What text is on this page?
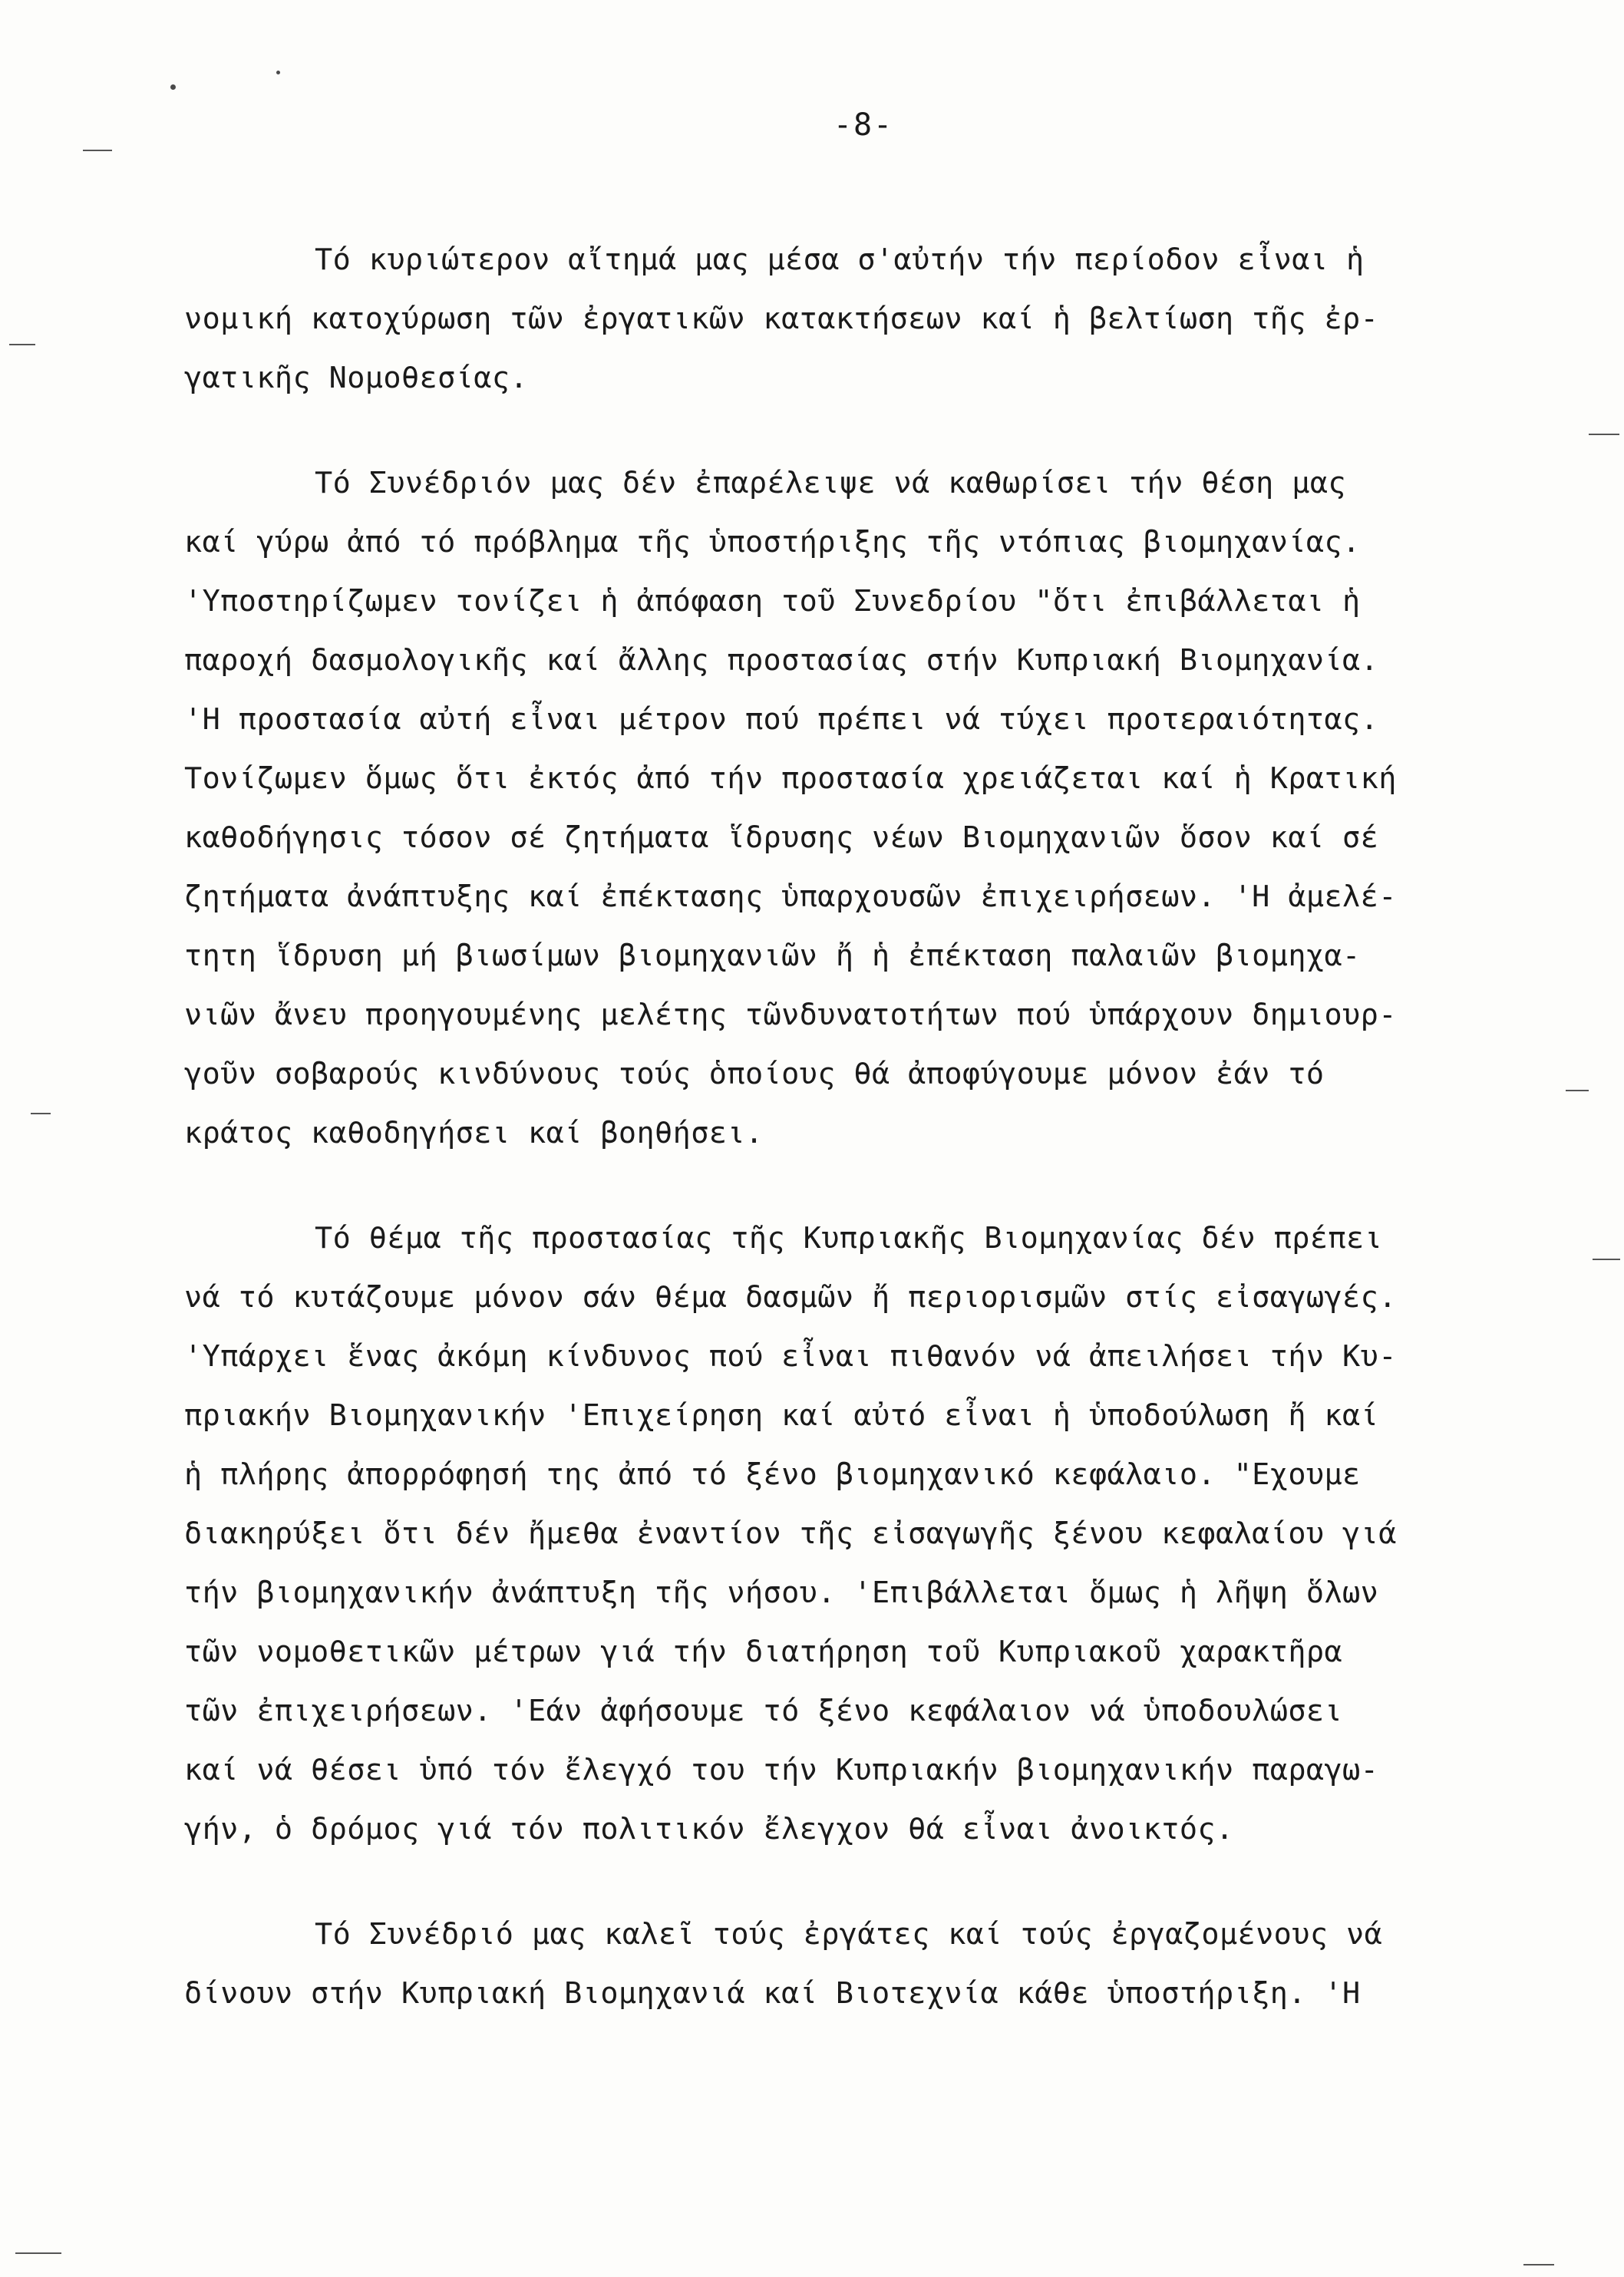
-8-
Τό κυριώτερον αἴτημά μας μέσα σ'αὐτήν τήν περίοδον εἶναι ἡ
νομική κατοχύρωση τῶν ἐργατικῶν κατακτήσεων καί ἡ βελτίωση τῆς ἐρ-
γατικῆς Νομοθεσίας.
Τό Συνέδριόν μας δέν ἐπαρέλειψε νά καθωρίσει τήν θέση μας
καί γύρω ἀπό τό πρόβλημα τῆς ὑποστήριξης τῆς ντόπιας βιομηχανίας.
'Υποστηρίζωμεν τονίζει ἡ ἀπόφαση τοῦ Συνεδρίου "ὅτι ἐπιβάλλεται ἡ
παροχή δασμολογικῆς καί ἄλλης προστασίας στήν Κυπριακή Βιομηχανία.
'Η προστασία αὐτή εἶναι μέτρον πού πρέπει νά τύχει προτεραιότητας.
Τονίζωμεν ὅμως ὅτι ἐκτός ἀπό τήν προστασία χρειάζεται καί ἡ Κρατική
καθοδήγησις τόσον σέ ζητήματα ἵδρυσης νέων Βιομηχανιῶν ὅσον καί σέ
ζητήματα ἀνάπτυξης καί ἐπέκτασης ὑπαρχουσῶν ἐπιχειρήσεων. 'Η ἀμελέ-
τητη ἵδρυση μή βιωσίμων βιομηχανιῶν ἤ ἡ ἐπέκταση παλαιῶν βιομηχα-
νιῶν ἄνευ προηγουμένης μελέτης τῶνδυνατοτήτων πού ὑπάρχουν δημιουρ-
γοῦν σοβαρούς κινδύνους τούς ὁποίους θά ἀποφύγουμε μόνον ἐάν τό
κράτος καθοδηγήσει καί βοηθήσει.
Τό θέμα τῆς προστασίας τῆς Κυπριακῆς Βιομηχανίας δέν πρέπει
νά τό κυτάζουμε μόνον σάν θέμα δασμῶν ἤ περιορισμῶν στίς εἰσαγωγές.
'Υπάρχει ἕνας ἀκόμη κίνδυνος πού εἶναι πιθανόν νά ἀπειλήσει τήν Κυ-
πριακήν Βιομηχανικήν 'Επιχείρηση καί αὐτό εἶναι ἡ ὑποδούλωση ἤ καί
ἡ πλήρης ἀπορρόφησή της ἀπό τό ξένο βιομηχανικό κεφάλαιο. "Εχουμε
διακηρύξει ὅτι δέν ἤμεθα ἐναντίον τῆς εἰσαγωγῆς ξένου κεφαλαίου γιά
τήν βιομηχανικήν ἀνάπτυξη τῆς νήσου. 'Επιβάλλεται ὅμως ἡ λῆψη ὅλων
τῶν νομοθετικῶν μέτρων γιά τήν διατήρηση τοῦ Κυπριακοῦ χαρακτῆρα
τῶν ἐπιχειρήσεων. 'Εάν ἀφήσουμε τό ξένο κεφάλαιον νά ὑποδουλώσει
καί νά θέσει ὑπό τόν ἔλεγχό του τήν Κυπριακήν βιομηχανικήν παραγω-
γήν, ὁ δρόμος γιά τόν πολιτικόν ἔλεγχον θά εἶναι ἀνοικτός.
Τό Συνέδριό μας καλεῖ τούς ἐργάτες καί τούς ἐργαζομένους νά
δίνουν στήν Κυπριακή Βιομηχανιά καί Βιοτεχνία κάθε ὑποστήριξη. 'Η
